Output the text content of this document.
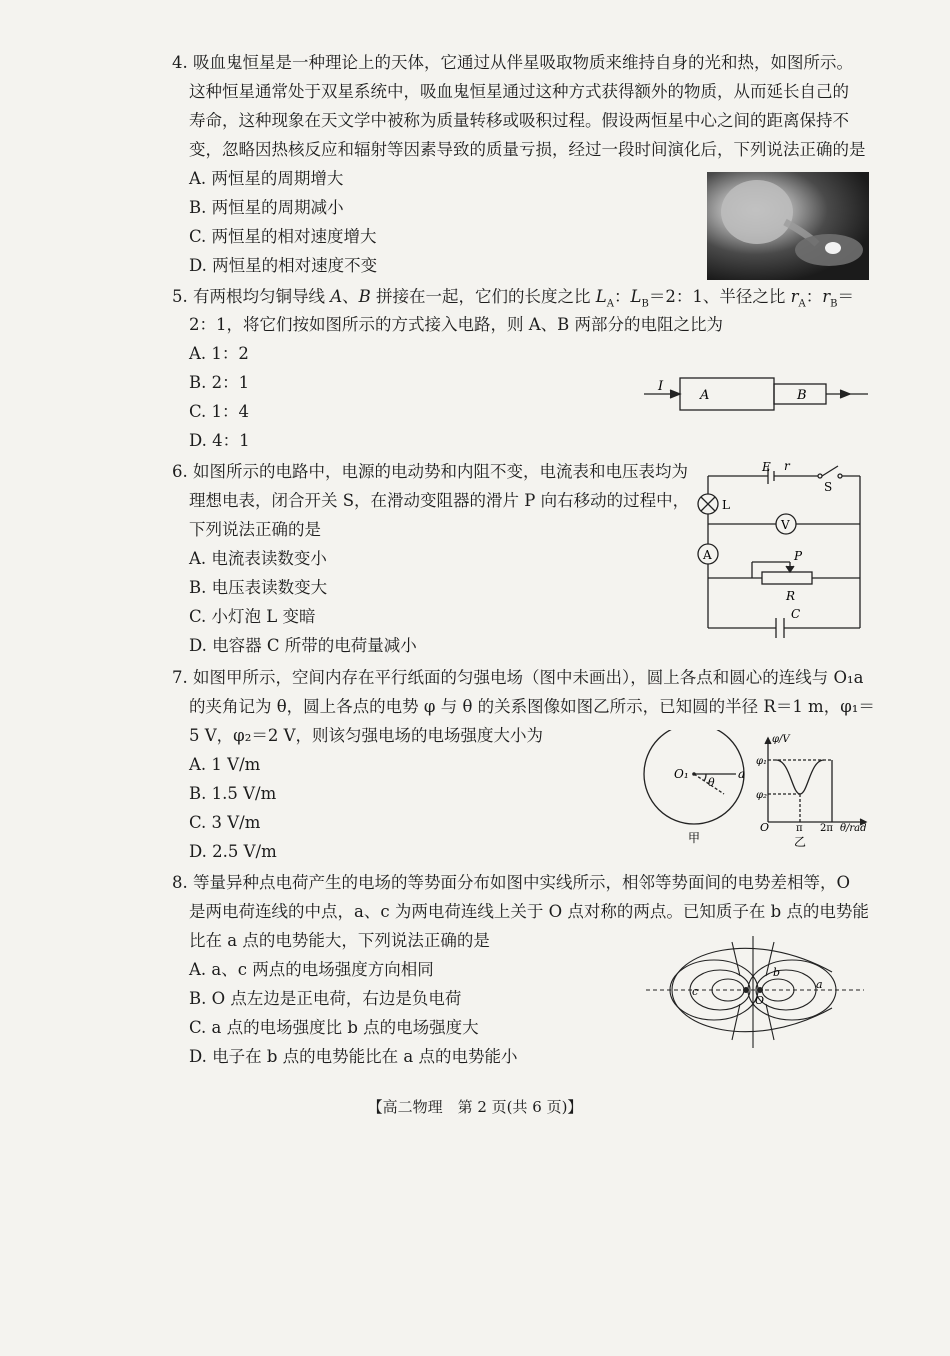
4. 吸血鬼恒星是一种理论上的天体，它通过从伴星吸取物质来维持自身的光和热，如图所示。
这种恒星通常处于双星系统中，吸血鬼恒星通过这种方式获得额外的物质，从而延长自己的
寿命，这种现象在天文学中被称为质量转移或吸积过程。假设两恒星中心之间的距离保持不
变，忽略因热核反应和辐射等因素导致的质量亏损，经过一段时间演化后，下列说法正确的是
A. 两恒星的周期增大
B. 两恒星的周期减小
C. 两恒星的相对速度增大
D. 两恒星的相对速度不变
5. 有两根均匀铜导线 A、B 拼接在一起，它们的长度之比 $L_A$：$L_B=2$：1、半径之比 $r_A$：$r_B=$
2：1，将它们按如图所示的方式接入电路，则 A、B 两部分的电阻之比为
A. 1：2
B. 2：1
C. 1：4
D. 4：1
I
A	B
6. 如图所示的电路中，电源的电动势和内阻不变，电流表和电压表均为
理想电表，闭合开关 S，在滑动变阻器的滑片 P 向右移动的过程中，
下列说法正确的是
A. 电流表读数变小
B. 电压表读数变大
C. 小灯泡 L 变暗
D. 电容器 C 所带的电荷量减小
E r
S
L
V
A	P
R
C
7. 如图甲所示，空间内存在平行纸面的匀强电场（图中未画出），圆上各点和圆心的连线与 O₁a
的夹角记为 θ，圆上各点的电势 φ 与 θ 的关系图像如图乙所示，已知圆的半径 R＝1 m，φ₁＝
5 V，φ₂＝2 V，则该匀强电场的电场强度大小为
A. 1 V/m
B. 1.5 V/m
C. 3 V/m
D. 2.5 V/m
O₁
θ
a
甲
φ/V
φ₁
φ₂
O	π 2π θ/rad
乙
8. 等量异种点电荷产生的电场的等势面分布如图中实线所示，相邻等势面间的电势差相等，O
是两电荷连线的中点，a、c 为两电荷连线上关于 O 点对称的两点。已知质子在 b 点的电势能
比在 a 点的电势能大，下列说法正确的是
A. a、c 两点的电场强度方向相同
B. O 点左边是正电荷，右边是负电荷
C. a 点的电场强度比 b 点的电场强度大
D. 电子在 b 点的电势能比在 a 点的电势能小
c
b
a
O
【高二物理　第 2 页(共 6 页)】
